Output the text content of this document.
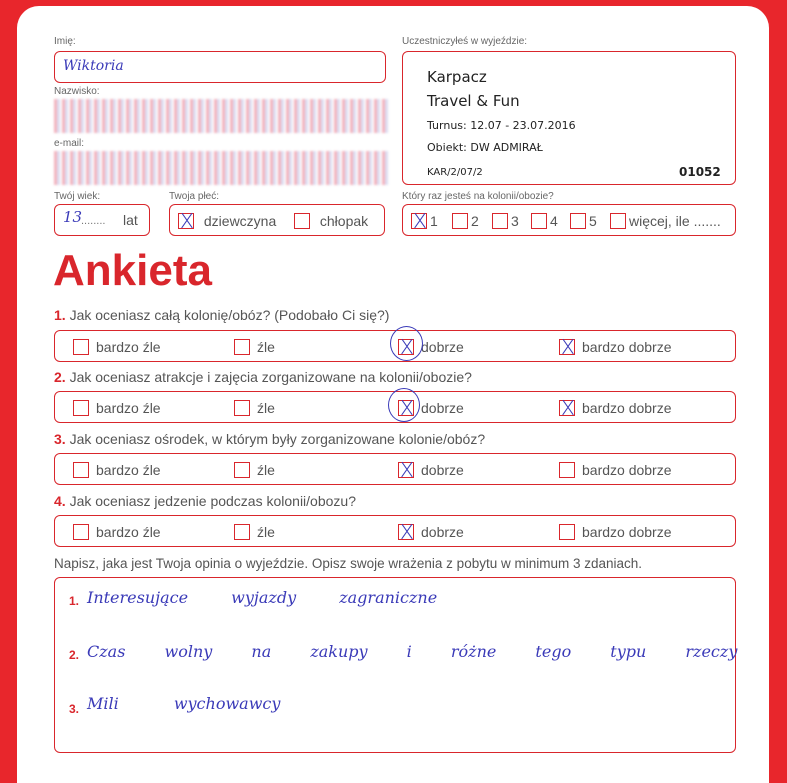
Imię:
Wiktoria
Nazwisko:
e-mail:
Twój wiek:
13
........ lat
Twoja płeć:
dziewczyna	chłopak
Uczestniczyłeś w wyjeździe:
Karpacz
Travel & Fun
Turnus: 12.07 - 23.07.2016
Obiekt: DW ADMIRAŁ
KAR/2/07/2	01052
Który raz jesteś na kolonii/obozie?
1	2	3	4	5	więcej, ile .......
Ankieta
1. Jak oceniasz całą kolonię/obóz? (Podobało Ci się?)
bardzo źle	źle	dobrze	bardzo dobrze
2. Jak oceniasz atrakcje i zajęcia zorganizowane na kolonii/obozie?
bardzo źle	źle	dobrze	bardzo dobrze
3. Jak oceniasz ośrodek, w którym były zorganizowane kolonie/obóz?
bardzo źle	źle	dobrze	bardzo dobrze
4. Jak oceniasz jedzenie podczas kolonii/obozu?
bardzo źle	źle	dobrze	bardzo dobrze
Napisz, jaka jest Twoja opinia o wyjeździe. Opisz swoje wrażenia z pobytu w minimum 3 zdaniach.
1. Interesujące wyjazdy zagraniczne
2. Czas wolny na zakupy i różne tego typu rzeczy
3. Mili wychowawcy
